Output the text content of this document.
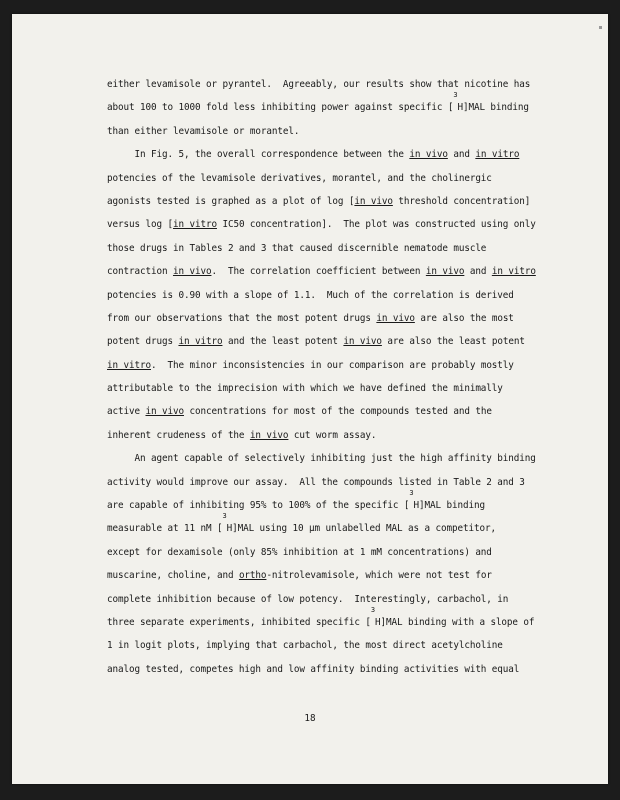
either levamisole or pyrantel.  Agreeably, our results show that nicotine has
about 100 to 1000 fold less inhibiting power against specific [$^3$H]MAL binding
than either levamisole or morantel.
In Fig. 5, the overall correspondence between the in vivo and in vitro
potencies of the levamisole derivatives, morantel, and the cholinergic
agonists tested is graphed as a plot of log [in vivo threshold concentration]
versus log [in vitro IC50 concentration].  The plot was constructed using only
those drugs in Tables 2 and 3 that caused discernible nematode muscle
contraction in vivo.  The correlation coefficient between in vivo and in vitro
potencies is 0.90 with a slope of 1.1.  Much of the correlation is derived
from our observations that the most potent drugs in vivo are also the most
potent drugs in vitro and the least potent in vivo are also the least potent
in vitro.  The minor inconsistencies in our comparison are probably mostly
attributable to the imprecision with which we have defined the minimally
active in vivo concentrations for most of the compounds tested and the
inherent crudeness of the in vivo cut worm assay.
An agent capable of selectively inhibiting just the high affinity binding
activity would improve our assay.  All the compounds listed in Table 2 and 3
are capable of inhibiting 95% to 100% of the specific [$^3$H]MAL binding
measurable at 11 nM [$^3$H]MAL using 10 µm unlabelled MAL as a competitor,
except for dexamisole (only 85% inhibition at 1 mM concentrations) and
muscarine, choline, and ortho-nitrolevamisole, which were not test for
complete inhibition because of low potency.  Interestingly, carbachol, in
three separate experiments, inhibited specific [$^3$H]MAL binding with a slope of
1 in logit plots, implying that carbachol, the most direct acetylcholine
analog tested, competes high and low affinity binding activities with equal
18
